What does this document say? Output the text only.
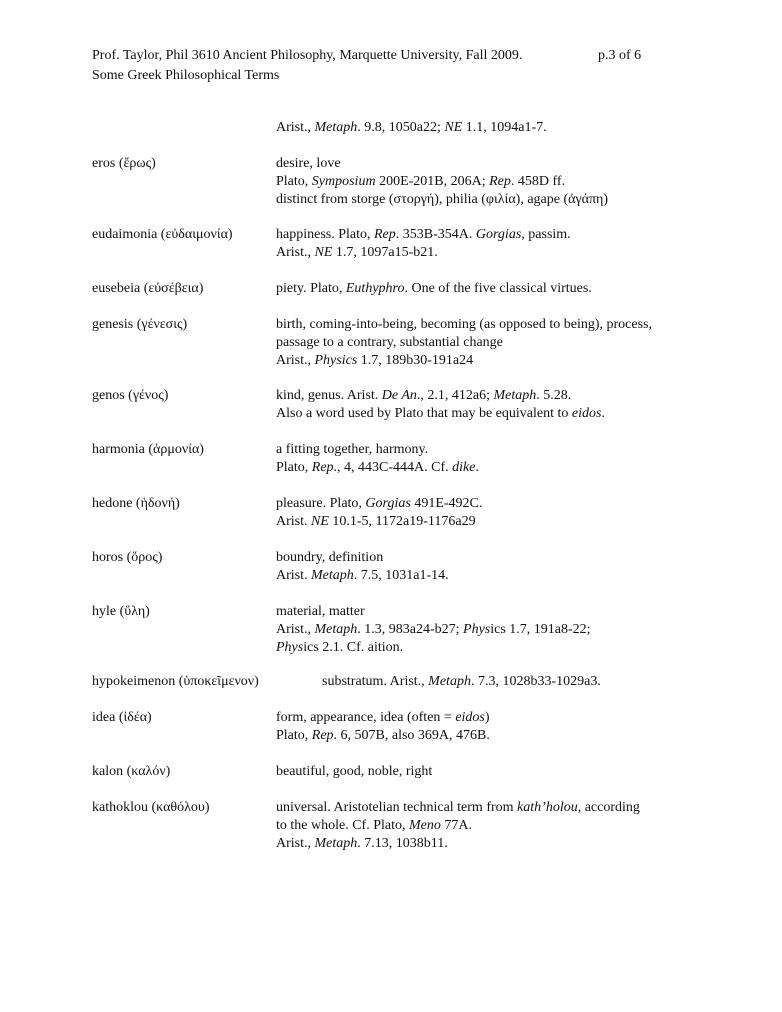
Prof. Taylor, Phil 3610 Ancient Philosophy, Marquette University, Fall 2009.	p.3 of 6
Some Greek Philosophical Terms
Arist., Metaph. 9.8, 1050a22; NE 1.1, 1094a1-7.
eros (ἔρως)	desire, love
Plato, Symposium 200E-201B, 206A; Rep. 458D ff.
distinct from storge (στοργή), philia (φιλία), agape (ἀγάπη)
eudaimonia (εὐδαιμονία)	happiness. Plato, Rep. 353B-354A. Gorgias, passim.
Arist., NE 1.7, 1097a15-b21.
eusebeia (εὐσέβεια)	piety. Plato, Euthyphro. One of the five classical virtues.
genesis (γένεσις)	birth, coming-into-being, becoming (as opposed to being), process,
passage to a contrary, substantial change
Arist., Physics 1.7, 189b30-191a24
genos (γένος)	kind, genus. Arist. De An., 2.1, 412a6; Metaph. 5.28.
Also a word used by Plato that may be equivalent to eidos.
harmonia (ἁρμονία)	a fitting together, harmony.
Plato, Rep., 4, 443C-444A. Cf. dike.
hedone (ἡδονή)	pleasure. Plato, Gorgias 491E-492C.
Arist. NE 10.1-5, 1172a19-1176a29
horos (ὅρος)	boundry, definition
Arist. Metaph. 7.5, 1031a1-14.
hyle (ὕλη)	material, matter
Arist., Metaph. 1.3, 983a24-b27; Physics 1.7, 191a8-22;
Physics 2.1. Cf. aition.
hypokeimenon (ὑποκεῖμενον)	substratum. Arist., Metaph. 7.3, 1028b33-1029a3.
idea (ἰδέα)	form, appearance, idea (often = eidos)
Plato, Rep. 6, 507B, also 369A, 476B.
kalon (καλόν)	beautiful, good, noble, right
kathoklou (καθόλου)	universal. Aristotelian technical term from kath’holou, according
to the whole. Cf. Plato, Meno 77A.
Arist., Metaph. 7.13, 1038b11.
